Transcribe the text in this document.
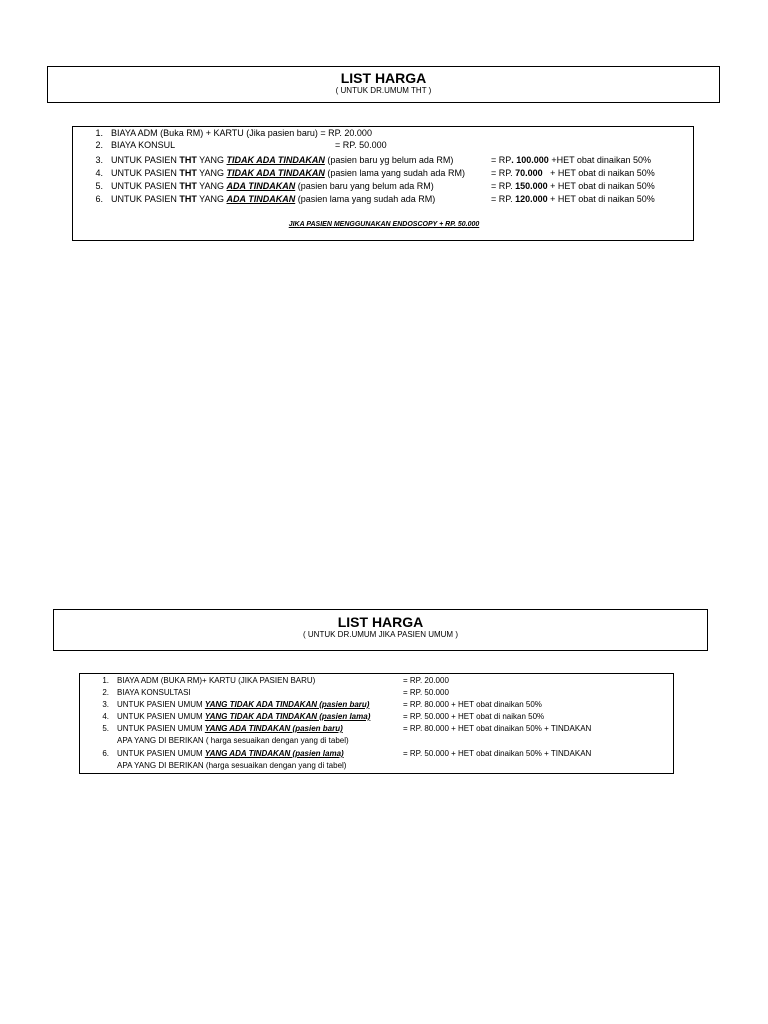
LIST HARGA
( UNTUK DR.UMUM THT )
1. BIAYA ADM (Buka RM) + KARTU (Jika pasien baru) = RP. 20.000
2. BIAYA KONSUL	= RP. 50.000
3. UNTUK PASIEN THT YANG TIDAK ADA TINDAKAN (pasien baru yg belum ada RM)	= RP. 100.000 +HET obat dinaikan 50%
4. UNTUK PASIEN THT YANG TIDAK ADA TINDAKAN (pasien lama yang sudah ada RM)	= RP. 70.000   + HET obat di naikan 50%
5. UNTUK PASIEN THT YANG ADA TINDAKAN (pasien baru yang belum ada RM)	= RP. 150.000 + HET obat di naikan 50%
6. UNTUK PASIEN THT YANG ADA TINDAKAN (pasien lama yang sudah ada RM)	= RP. 120.000 + HET obat di naikan 50%
JIKA PASIEN MENGGUNAKAN ENDOSCOPY + RP. 50.000
LIST HARGA
( UNTUK DR.UMUM JIKA PASIEN UMUM )
1. BIAYA ADM (BUKA RM)+ KARTU (JIKA PASIEN BARU)	= RP. 20.000
2. BIAYA KONSULTASI	= RP. 50.000
3. UNTUK PASIEN UMUM YANG TIDAK ADA TINDAKAN (pasien baru)	= RP. 80.000 + HET obat dinaikan 50%
4. UNTUK PASIEN UMUM YANG TIDAK ADA TINDAKAN (pasien lama)	= RP. 50.000 + HET obat di naikan 50%
5. UNTUK PASIEN UMUM YANG ADA TINDAKAN (pasien baru)	= RP. 80.000 + HET obat dinaikan 50% + TINDAKAN
APA YANG DI BERIKAN ( harga sesuaikan dengan yang di tabel)
6. UNTUK PASIEN UMUM YANG ADA TINDAKAN (pasien lama)	= RP. 50.000 + HET obat dinaikan 50% + TINDAKAN
APA YANG DI BERIKAN (harga sesuaikan dengan yang di tabel)
